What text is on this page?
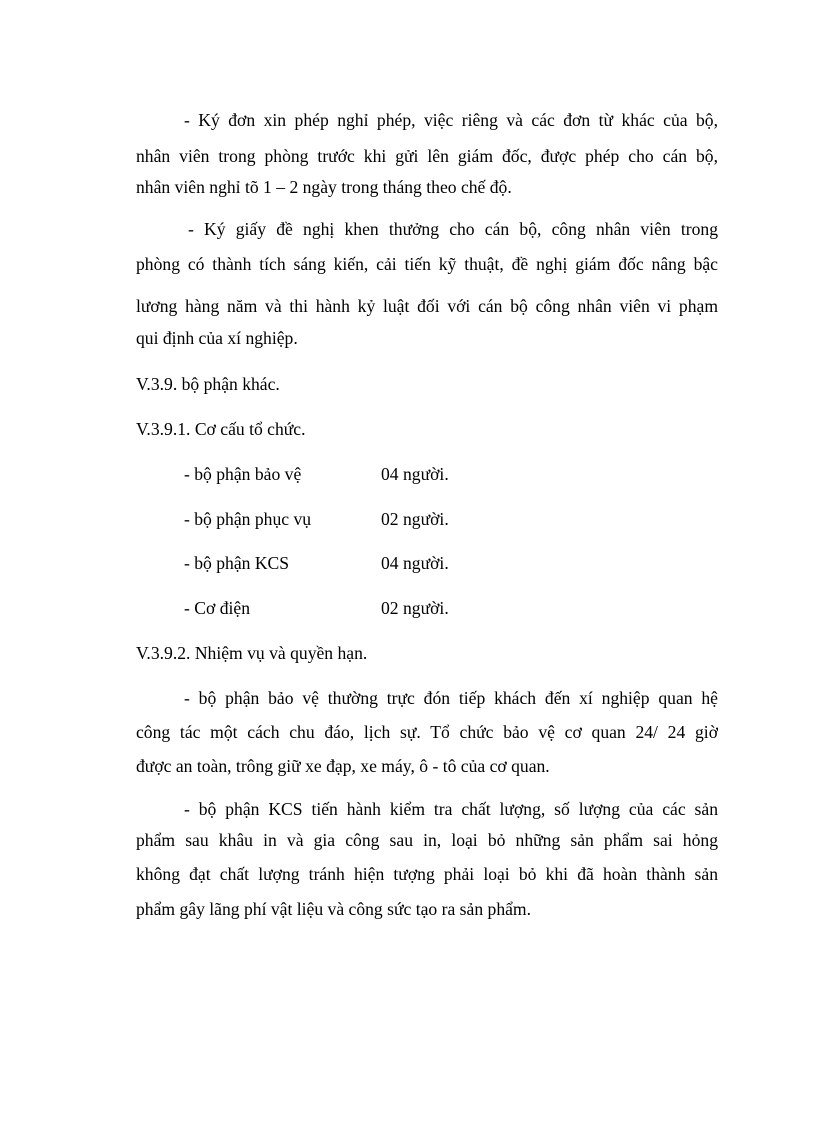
- Ký đơn xin phép nghỉ phép, việc riêng và các đơn từ khác của bộ,
nhân viên trong phòng trước khi gửi lên giám đốc, được phép cho cán bộ,
nhân viên nghỉ tõ 1 – 2 ngày trong tháng theo chế độ.
- Ký giấy đề nghị khen thưởng cho cán bộ, công nhân viên trong
phòng có thành tích sáng kiến, cải tiến kỹ thuật, đề nghị giám đốc nâng bậc
lương hàng năm và thi hành kỷ luật đối với cán bộ công nhân viên vi phạm
qui định của xí nghiệp.
V.3.9. bộ phận khác.
V.3.9.1. Cơ cấu tổ chức.
- bộ phận bảo vệ	04 người.
- bộ phận phục vụ	02 người.
- bộ phận KCS	04 người.
- Cơ điện	02 người.
V.3.9.2. Nhiệm vụ và quyền hạn.
- bộ phận bảo vệ thường trực đón tiếp khách đến xí nghiệp quan hệ
công tác một cách chu đáo, lịch sự. Tổ chức bảo vệ cơ quan 24/ 24 giờ
được an toàn, trông giữ xe đạp, xe máy, ô - tô của cơ quan.
- bộ phận KCS tiến hành kiểm tra chất lượng, số lượng của các sản
phẩm sau khâu in và gia công sau in, loại bỏ những sản phẩm sai hỏng
không đạt chất lượng tránh hiện tượng phải loại bỏ khi đã hoàn thành sản
phẩm gây lãng phí vật liệu và công sức tạo ra sản phẩm.
